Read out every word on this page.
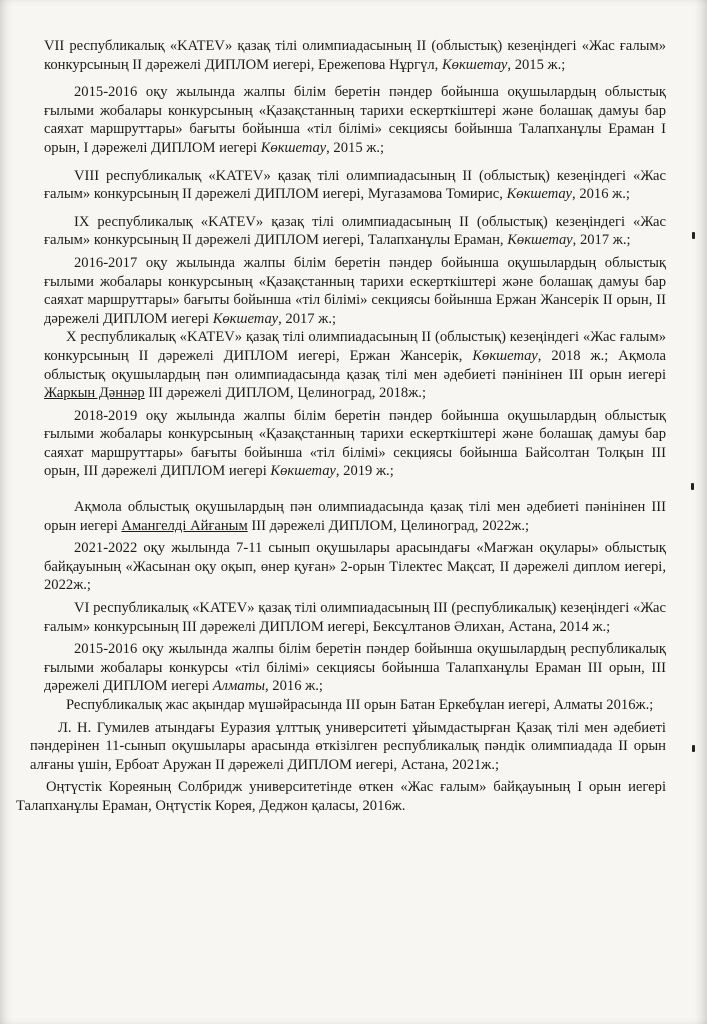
VII республикалық «KATEV» қазақ тілі олимпиадасының II (облыстық) кезеңіндегі «Жас ғалым» конкурсының II дәрежелі ДИПЛОМ иегері, Ережепова Нұргүл, Көкшетау, 2015 ж.;

2015-2016 оқу жылында жалпы білім беретін пәндер бойынша оқушылардың облыстық ғылыми жобалары конкурсының «Қазақстанның тарихи ескерткіштері және болашақ дамуы бар саяхат маршруттары» бағыты бойынша «тіл білімі» секциясы бойынша Талапханұлы Ераман I орын, I дәрежелі ДИПЛОМ иегері Көкшетау, 2015 ж.;

VIII республикалық «KATEV» қазақ тілі олимпиадасының II (облыстық) кезеңіндегі «Жас ғалым» конкурсының II дәрежелі ДИПЛОМ иегері, Мугазамова Томирис, Көкшетау, 2016 ж.;

IX республикалық «KATEV» қазақ тілі олимпиадасының II (облыстық) кезеңіндегі «Жас ғалым» конкурсының II дәрежелі ДИПЛОМ иегері, Талапханұлы Ераман, Көкшетау, 2017 ж.;

2016-2017 оқу жылында жалпы білім беретін пәндер бойынша оқушылардың облыстық ғылыми жобалары конкурсының «Қазақстанның тарихи ескерткіштері және болашақ дамуы бар саяхат маршруттары» бағыты бойынша «тіл білімі» секциясы бойынша Ержан Жансерік II орын, II дәрежелі ДИПЛОМ иегері Көкшетау, 2017 ж.;

X республикалық «KATEV» қазақ тілі олимпиадасының II (облыстық) кезеңіндегі «Жас ғалым» конкурсының II дәрежелі ДИПЛОМ иегері, Ержан Жансерік, Көкшетау, 2018 ж.; Ақмола облыстық оқушылардың пән олимпиадасында қазақ тілі мен әдебиеті пәнінінен III орын иегері Жаркын Дәннәр III дәрежелі ДИПЛОМ, Целиноград, 2018ж.;

2018-2019 оқу жылында жалпы білім беретін пәндер бойынша оқушылардың облыстық ғылыми жобалары конкурсының «Қазақстанның тарихи ескерткіштері және болашақ дамуы бар саяхат маршруттары» бағыты бойынша «тіл білімі» секциясы бойынша Байсолтан Толқын III орын, III дәрежелі ДИПЛОМ иегері Көкшетау, 2019 ж.;

Ақмола облыстық оқушылардың пән олимпиадасында қазақ тілі мен әдебиеті пәнінінен III орын иегері Амангелді Айғаным III дәрежелі ДИПЛОМ, Целиноград, 2022ж.;

2021-2022 оқу жылында 7-11 сынып оқушылары арасындағы «Мағжан оқулары» облыстық байқауының «Жасынан оқу оқып, өнер қуған» 2-орын Тілектес Мақсат, II дәрежелі диплом иегері, 2022ж.;

VI республикалық «KATEV» қазақ тілі олимпиадасының III (республикалық) кезеңіндегі «Жас ғалым» конкурсының III дәрежелі ДИПЛОМ иегері, Бексұлтанов Әлихан, Астана, 2014 ж.;

2015-2016 оқу жылында жалпы білім беретін пәндер бойынша оқушылардың республикалық ғылыми жобалары конкурсы «тіл білімі» секциясы бойынша Талапханұлы Ераман III орын, III дәрежелі ДИПЛОМ иегері Алматы, 2016 ж.;

Республикалық жас ақындар мүшәйрасында III орын Батан Еркебұлан иегері, Алматы 2016ж.;

Л. Н. Гумилев атындағы Еуразия ұлттық университеті ұйымдастырған Қазақ тілі мен әдебиеті пәндерінен 11-сынып оқушылары арасында өткізілген республикалық пәндік олимпиадада II орын алғаны үшін, Ербоат Аружан II дәрежелі ДИПЛОМ иегері, Астана, 2021ж.;

Оңтүстік Кореяның Солбридж университетінде өткен «Жас ғалым» байқауының I орын иегері Талапханұлы Ераман, Оңтүстік Корея, Деджон қаласы, 2016ж.
